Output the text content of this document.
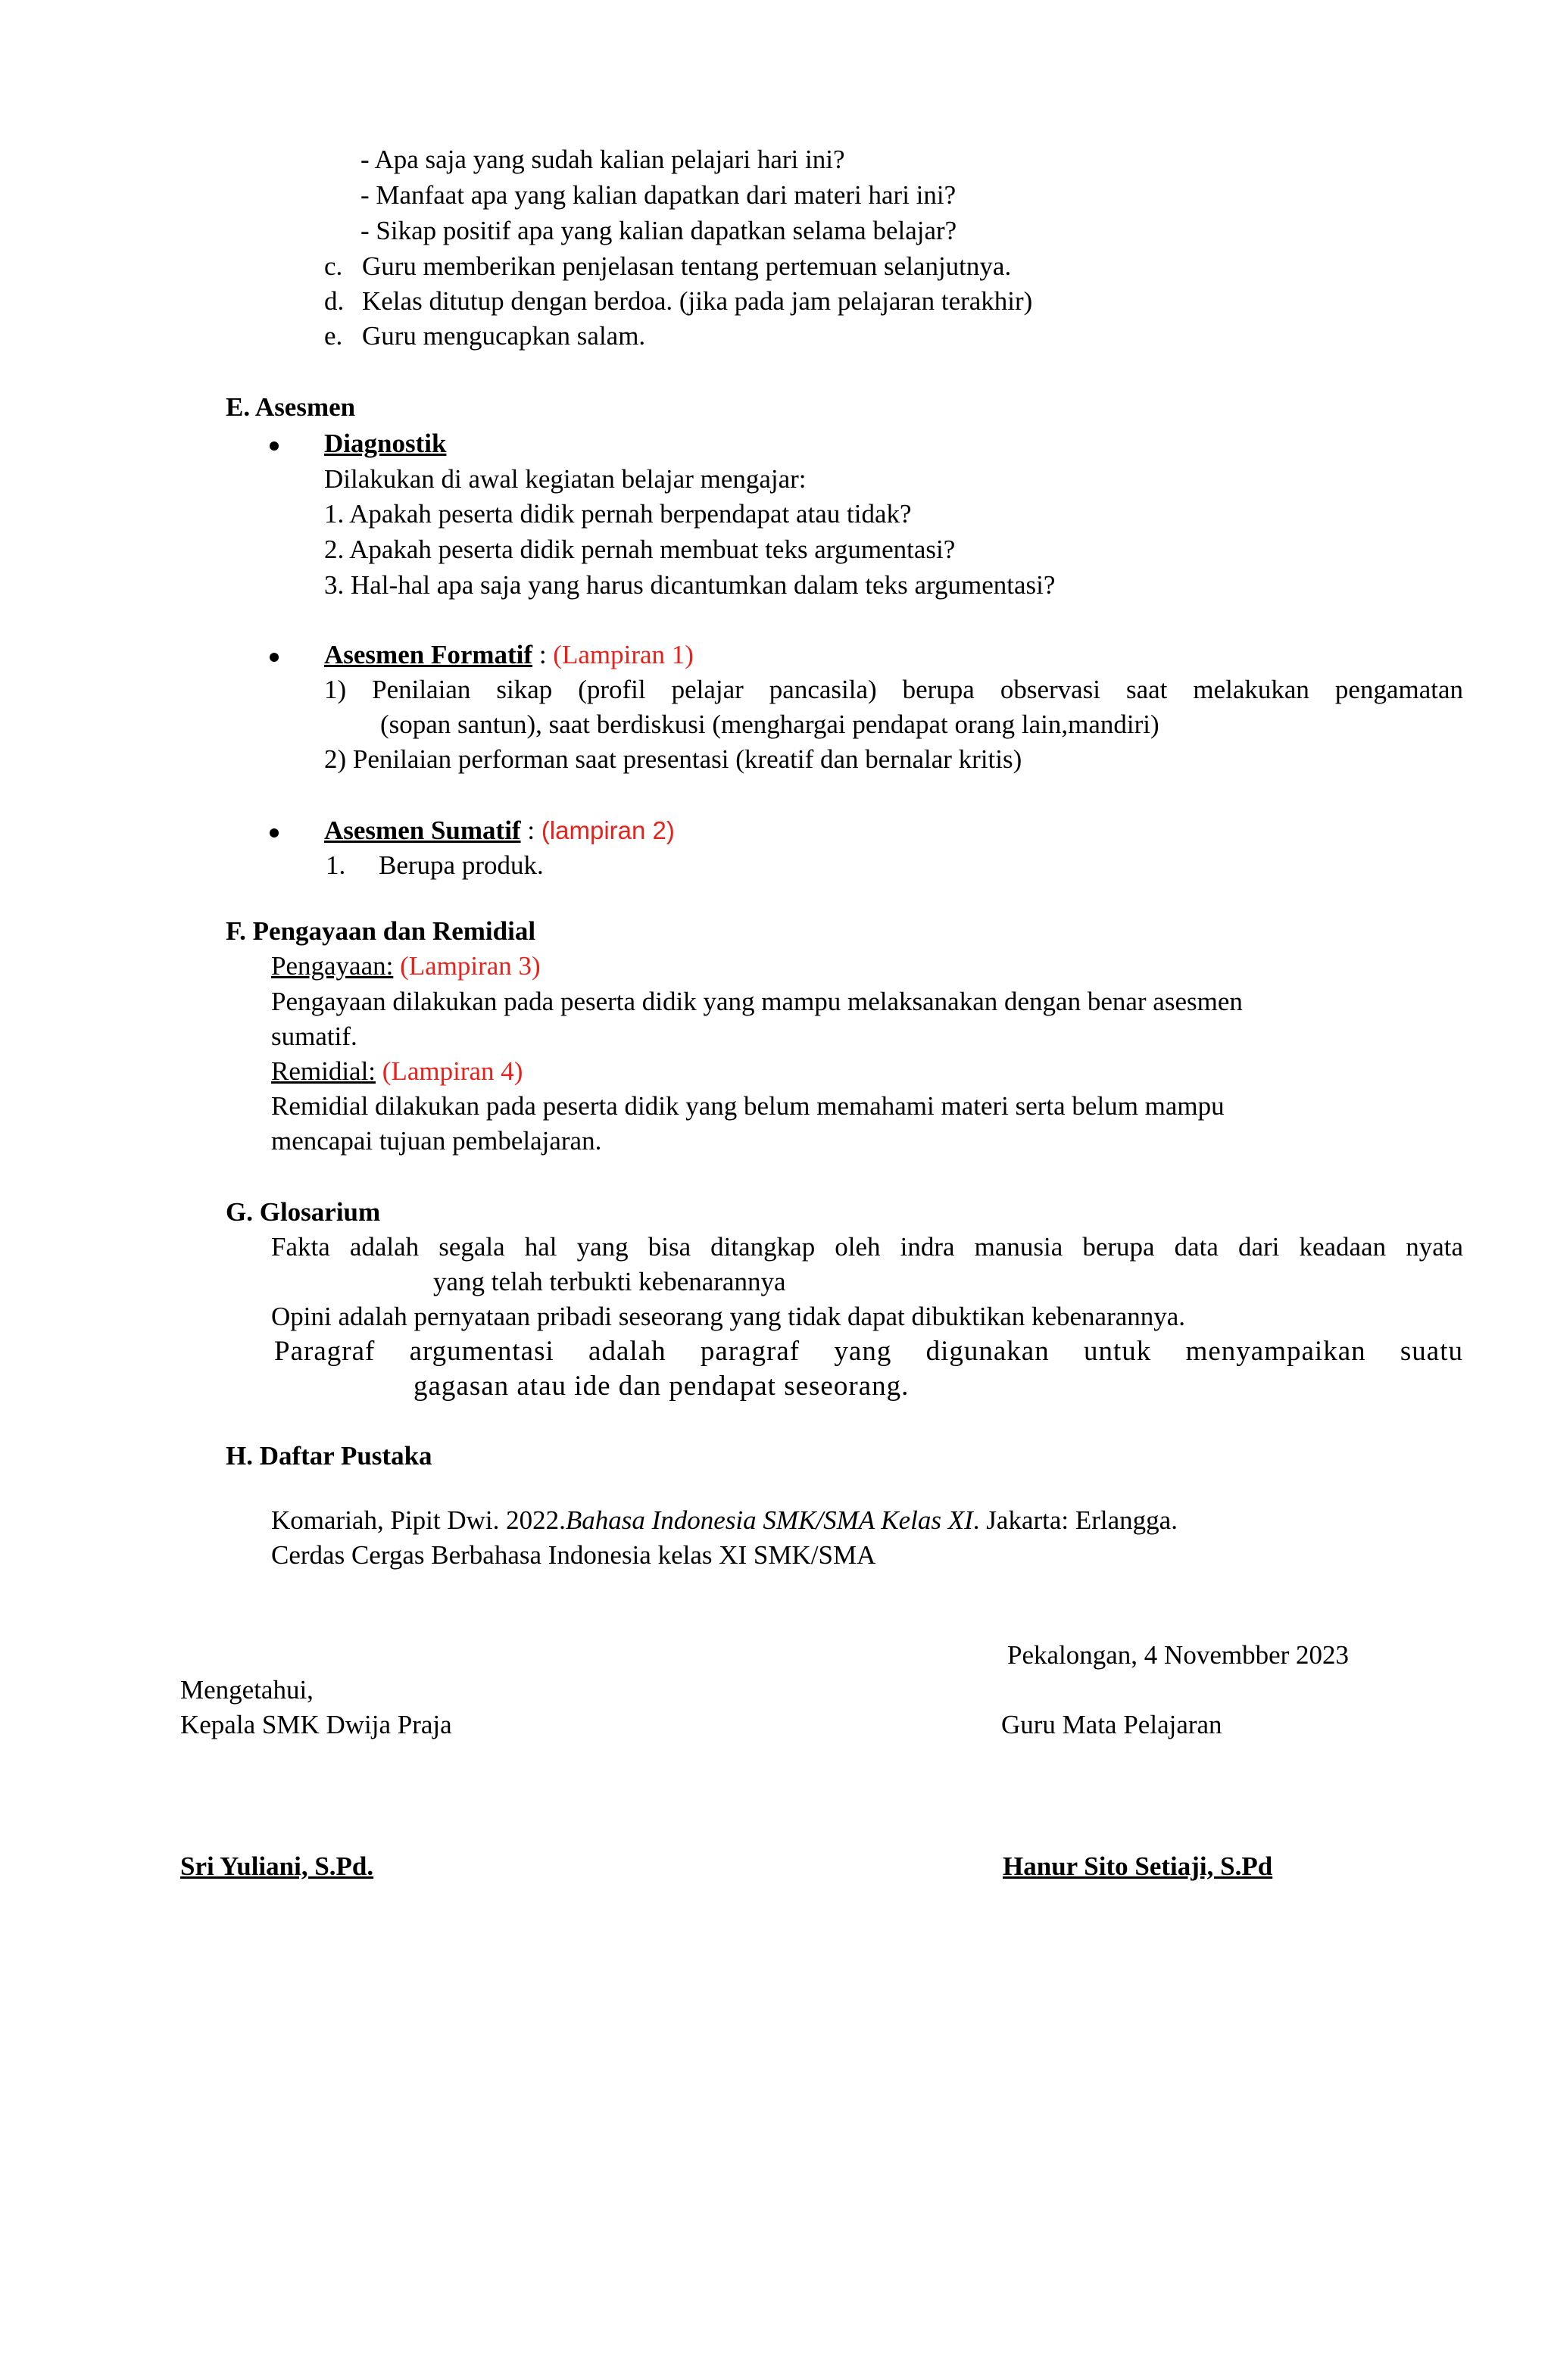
- Apa saja yang sudah kalian pelajari hari ini?
- Manfaat apa yang kalian dapatkan dari materi hari ini?
- Sikap positif apa yang kalian dapatkan selama belajar?
c. Guru memberikan penjelasan tentang pertemuan selanjutnya.
d. Kelas ditutup dengan berdoa. (jika pada jam pelajaran terakhir)
e. Guru mengucapkan salam.
E. Asesmen
Diagnostik
Dilakukan di awal kegiatan belajar mengajar:
1. Apakah peserta didik pernah berpendapat atau tidak?
2. Apakah peserta didik pernah membuat teks argumentasi?
3. Hal-hal apa saja yang harus dicantumkan dalam teks argumentasi?
Asesmen Formatif : (Lampiran 1)
1) Penilaian sikap (profil pelajar pancasila) berupa observasi saat melakukan pengamatan
(sopan santun), saat berdiskusi (menghargai pendapat orang lain,mandiri)
2) Penilaian performan saat presentasi (kreatif dan bernalar kritis)
Asesmen Sumatif : (lampiran 2)
1. Berupa produk.
F. Pengayaan dan Remidial
Pengayaan: (Lampiran 3)
Pengayaan dilakukan pada peserta didik yang mampu melaksanakan dengan benar asesmen
sumatif.
Remidial: (Lampiran 4)
Remidial dilakukan pada peserta didik yang belum memahami materi serta belum mampu
mencapai tujuan pembelajaran.
G. Glosarium
Fakta adalah segala hal yang bisa ditangkap oleh indra manusia berupa data dari keadaan nyata
yang telah terbukti kebenarannya
Opini adalah pernyataan pribadi seseorang yang tidak dapat dibuktikan kebenarannya.
Paragraf argumentasi adalah paragraf yang digunakan untuk menyampaikan suatu
gagasan atau ide dan pendapat seseorang.
H. Daftar Pustaka
Komariah, Pipit Dwi. 2022.Bahasa Indonesia SMK/SMA Kelas XI. Jakarta: Erlangga.
Cerdas Cergas Berbahasa Indonesia kelas XI SMK/SMA
Pekalongan, 4 Novembber 2023
Mengetahui,
Kepala SMK Dwija Praja	Guru Mata Pelajaran
Sri Yuliani, S.Pd.	Hanur Sito Setiaji, S.Pd
